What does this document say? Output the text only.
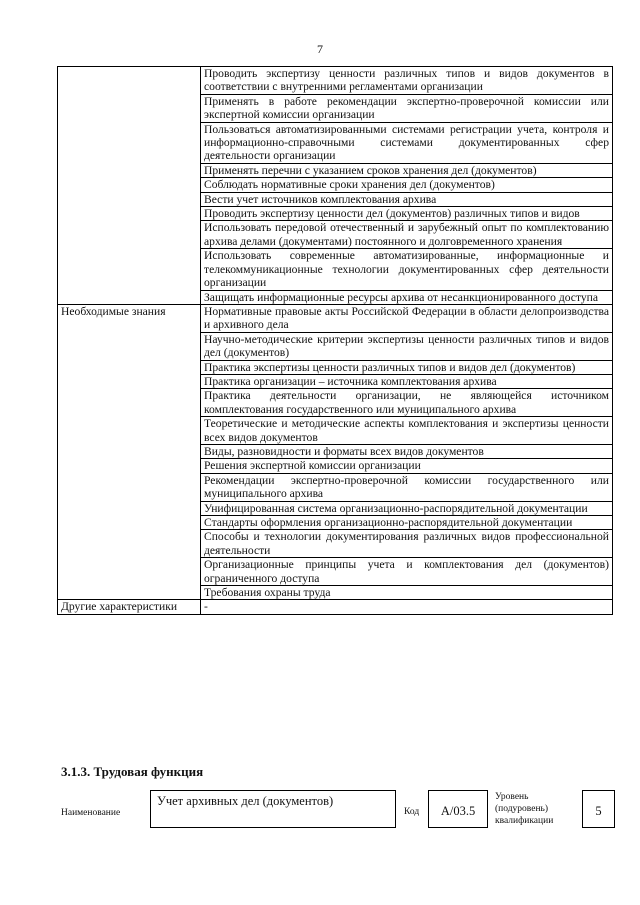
7
	Проводить экспертизу ценности различных типов и видов документов в соответствии с внутренними регламентами организации
	Применять в работе рекомендации экспертно-проверочной комиссии или экспертной комиссии организации
	Пользоваться автоматизированными системами регистрации учета, контроля и информационно-справочными системами документированных сфер деятельности организации
	Применять перечни с указанием сроков хранения дел (документов)
	Соблюдать нормативные сроки хранения дел (документов)
	Вести учет источников комплектования архива
	Проводить экспертизу ценности дел (документов) различных типов и видов
	Использовать передовой отечественный и зарубежный опыт по комплектованию архива делами (документами) постоянного и долговременного хранения
	Использовать современные автоматизированные, информационные и телекоммуникационные технологии документированных сфер деятельности организации
	Защищать информационные ресурсы архива от несанкционированного доступа
Необходимые знания	Нормативные правовые акты Российской Федерации в области делопроизводства и архивного дела
	Научно-методические критерии экспертизы ценности различных типов и видов дел (документов)
	Практика экспертизы ценности различных типов и видов дел (документов)
	Практика организации – источника комплектования архива
	Практика деятельности организации, не являющейся источником комплектования государственного или муниципального архива
	Теоретические и методические аспекты комплектования и экспертизы ценности всех видов документов
	Виды, разновидности и форматы всех видов документов
	Решения экспертной комиссии организации
	Рекомендации экспертно-проверочной комиссии государственного или муниципального архива
	Унифицированная система организационно-распорядительной документации
	Стандарты оформления организационно-распорядительной документации
	Способы и технологии документирования различных видов профессиональной деятельности
	Организационные принципы учета и комплектования дел (документов) ограниченного доступа
	Требования охраны труда
Другие характеристики	-
3.1.3. Трудовая функция
Наименование
Учет архивных дел (документов)
Код	А/03.5
Уровень (подуровень) квалификации
5
